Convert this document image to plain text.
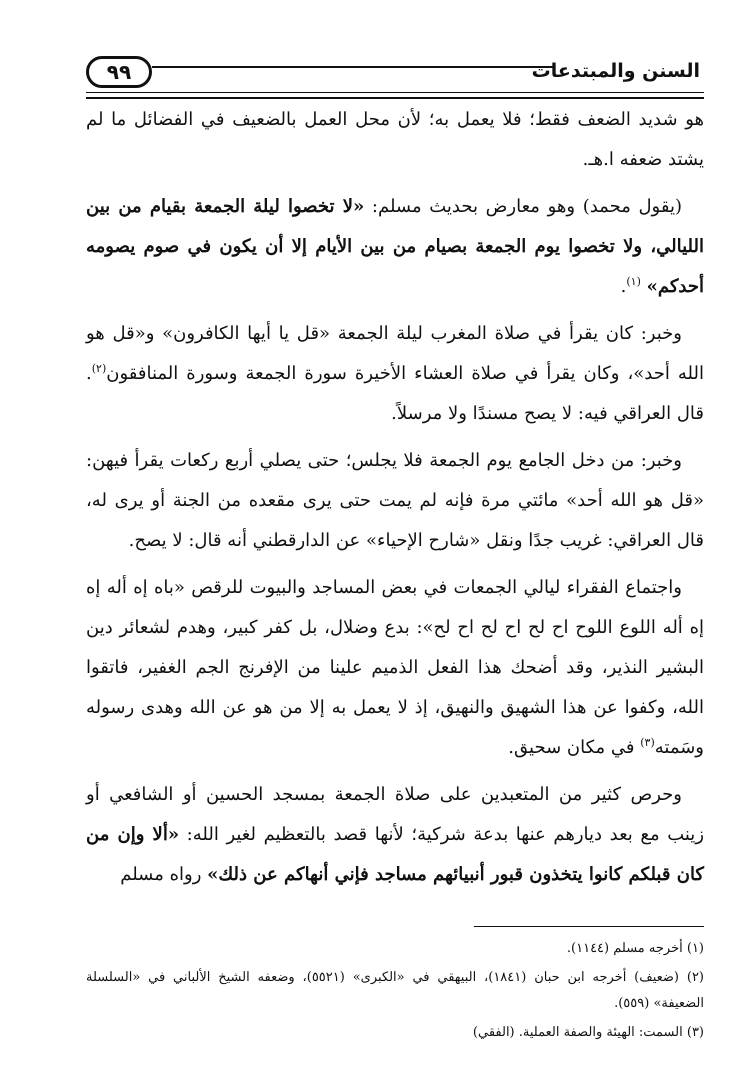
السنن والمبتدعات
٩٩

هو شديد الضعف فقط؛ فلا يعمل به؛ لأن محل العمل بالضعيف في الفضائل ما لم يشتد ضعفه ا.هـ.

(يقول محمد) وهو معارض بحديث مسلم: «لا تخصوا ليلة الجمعة بقيام من بين الليالي، ولا تخصوا يوم الجمعة بصيام من بين الأيام إلا أن يكون في صوم يصومه أحدكم» $^{(١)}$.

وخبر: كان يقرأ في صلاة المغرب ليلة الجمعة «قل يا أيها الكافرون» و«قل هو الله أحد»، وكان يقرأ في صلاة العشاء الأخيرة سورة الجمعة وسورة المنافقون$^{(٢)}$. قال العراقي فيه: لا يصح مسندًا ولا مرسلاً.

وخبر: من دخل الجامع يوم الجمعة فلا يجلس؛ حتى يصلي أربع ركعات يقرأ فيهن: «قل هو الله أحد» مائتي مرة فإنه لم يمت حتى يرى مقعده من الجنة أو يرى له، قال العراقي: غريب جدًا ونقل «شارح الإحياء» عن الدارقطني أنه قال: لا يصح.

واجتماع الفقراء ليالي الجمعات في بعض المساجد والبيوت للرقص «باه إه أله إه إه أله اللوع اللوح اح لح اح لح اح لح»: بدع وضلال، بل كفر كبير، وهدم لشعائر دين البشير النذير، وقد أضحك هذا الفعل الذميم علينا من الإفرنج الجم الغفير، فاتقوا الله، وكفوا عن هذا الشهيق والنهيق، إذ لا يعمل به إلا من هو عن الله وهدى رسوله وسَمته$^{(٣)}$ في مكان سحيق.

وحرص كثير من المتعبدين على صلاة الجمعة بمسجد الحسين أو الشافعي أو زينب مع بعد ديارهم عنها بدعة شركية؛ لأنها قصد بالتعظيم لغير الله: «ألا وإن من كان قبلكم كانوا يتخذون قبور أنبيائهم مساجد فإني أنهاكم عن ذلك» رواه مسلم

(١) أخرجه مسلم (١١٤٤).

(٢) (ضعيف) أخرجه ابن حبان (١٨٤١)، البيهقي في «الكبرى» (٥٥٢١)، وضعفه الشيخ الألباني في «السلسلة الضعيفة» (٥٥٩).

(٣) السمت: الهيئة والصفة العملية. (الفقي)
